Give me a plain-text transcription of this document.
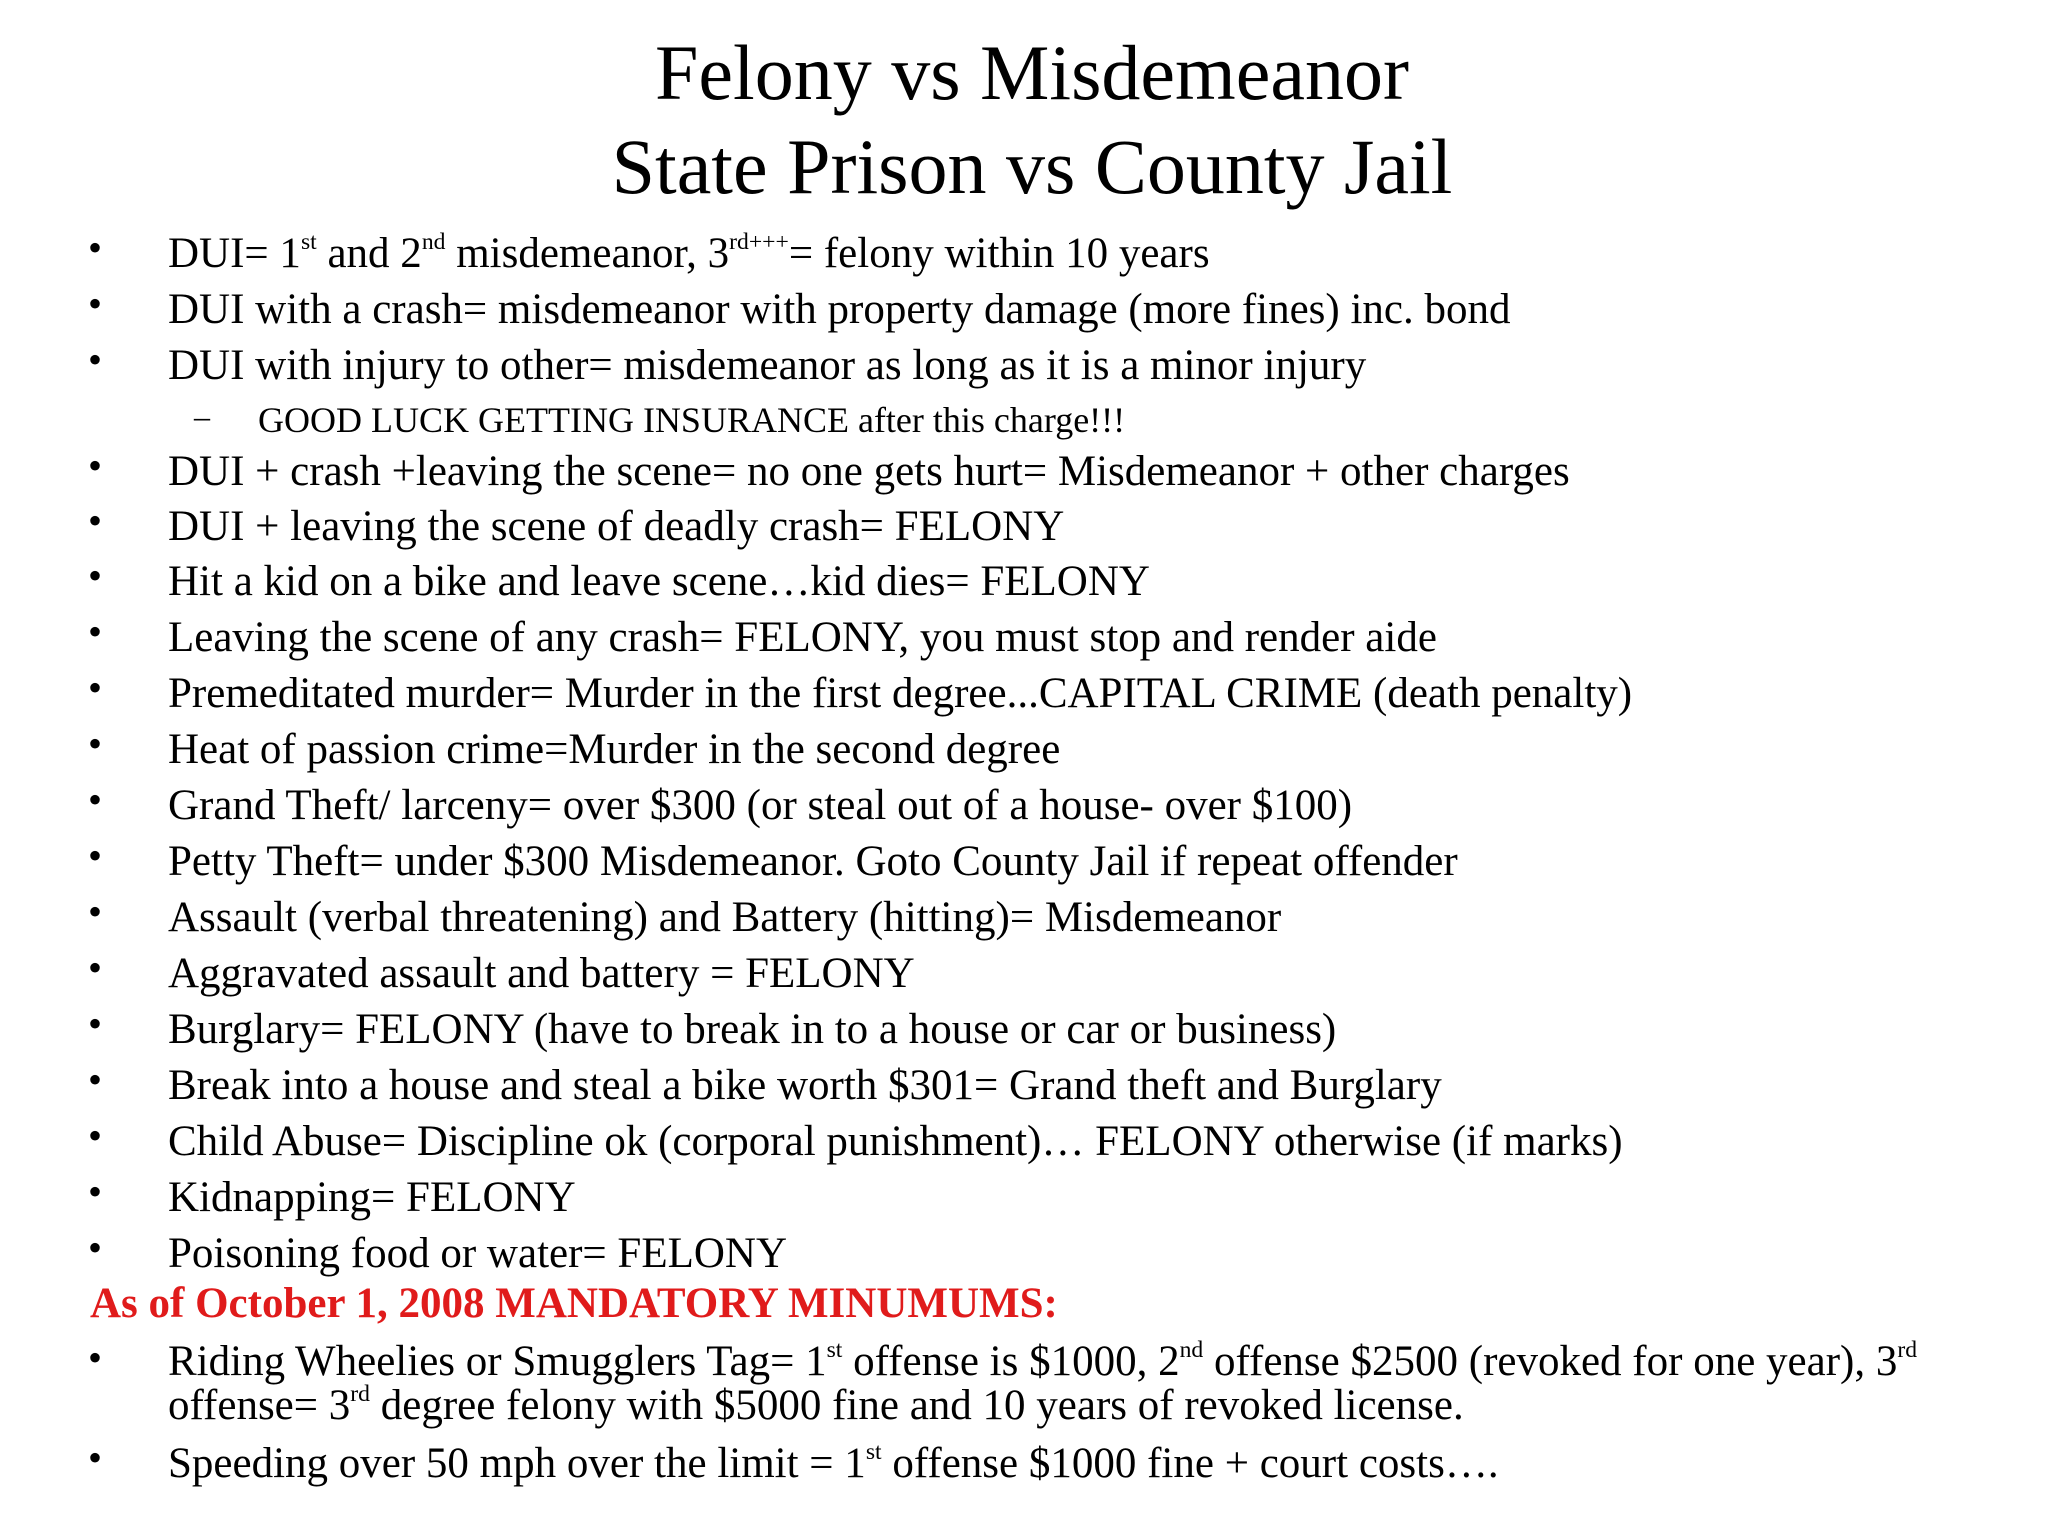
Felony vs Misdemeanor
State Prison vs County Jail
• DUI= 1st and 2nd misdemeanor, $3^{rd+++}=$ felony within 10 years
• DUI with a crash= misdemeanor with property damage (more fines) inc. bond
• DUI with injury to other= misdemeanor as long as it is a minor injury
– GOOD LUCK GETTING INSURANCE after this charge!!!
• DUI + crash +leaving the scene= no one gets hurt= Misdemeanor + other charges
• DUI + leaving the scene of deadly crash= FELONY
• Hit a kid on a bike and leave scene…kid dies= FELONY
• Leaving the scene of any crash= FELONY, you must stop and render aide
• Premeditated murder= Murder in the first degree...CAPITAL CRIME (death penalty)
• Heat of passion crime=Murder in the second degree
• Grand Theft/ larceny= over $300 (or steal out of a house- over $100)
• Petty Theft= under $300 Misdemeanor. Goto County Jail if repeat offender
• Assault (verbal threatening) and Battery (hitting)= Misdemeanor
• Aggravated assault and battery = FELONY
• Burglary= FELONY (have to break in to a house or car or business)
• Break into a house and steal a bike worth $301= Grand theft and Burglary
• Child Abuse= Discipline ok (corporal punishment)… FELONY otherwise (if marks)
• Kidnapping= FELONY
• Poisoning food or water= FELONY
As of October 1, 2008 MANDATORY MINUMUMS:
• Riding Wheelies or Smugglers Tag= 1st offense is $1000, 2nd offense $2500 (revoked for one year), 3rd offense= 3rd degree felony with $5000 fine and 10 years of revoked license.
• Speeding over 50 mph over the limit = 1st offense $1000 fine + court costs….
